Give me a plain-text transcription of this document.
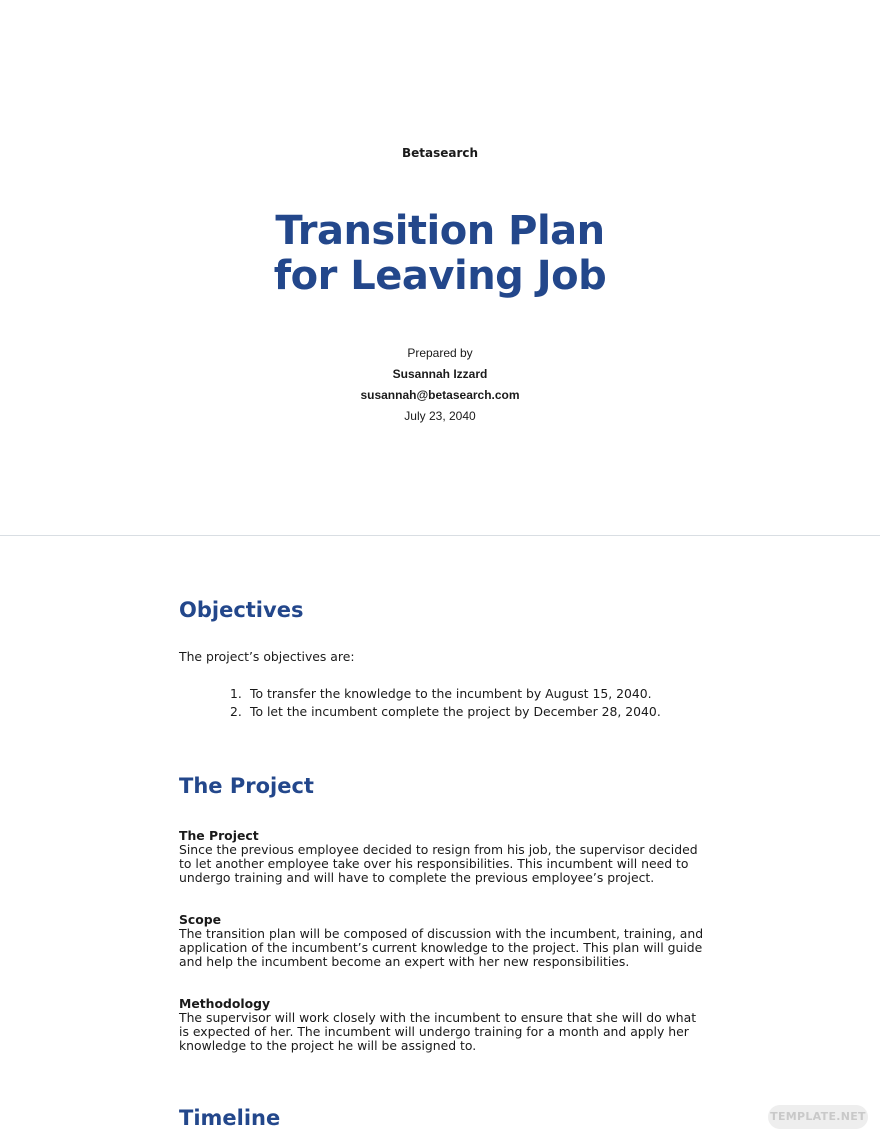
Betasearch
Transition Plan
for Leaving Job
Prepared by
Susannah Izzard
susannah@betasearch.com
July 23, 2040
Objectives
The project’s objectives are:
1. To transfer the knowledge to the incumbent by August 15, 2040.
2. To let the incumbent complete the project by December 28, 2040.
The Project
The Project
Since the previous employee decided to resign from his job, the supervisor decided to let another employee take over his responsibilities. This incumbent will need to undergo training and will have to complete the previous employee’s project.
Scope
The transition plan will be composed of discussion with the incumbent, training, and application of the incumbent’s current knowledge to the project. This plan will guide and help the incumbent become an expert with her new responsibilities.
Methodology
The supervisor will work closely with the incumbent to ensure that she will do what is expected of her. The incumbent will undergo training for a month and apply her knowledge to the project he will be assigned to.
Timeline	TEMPLATE.NET
